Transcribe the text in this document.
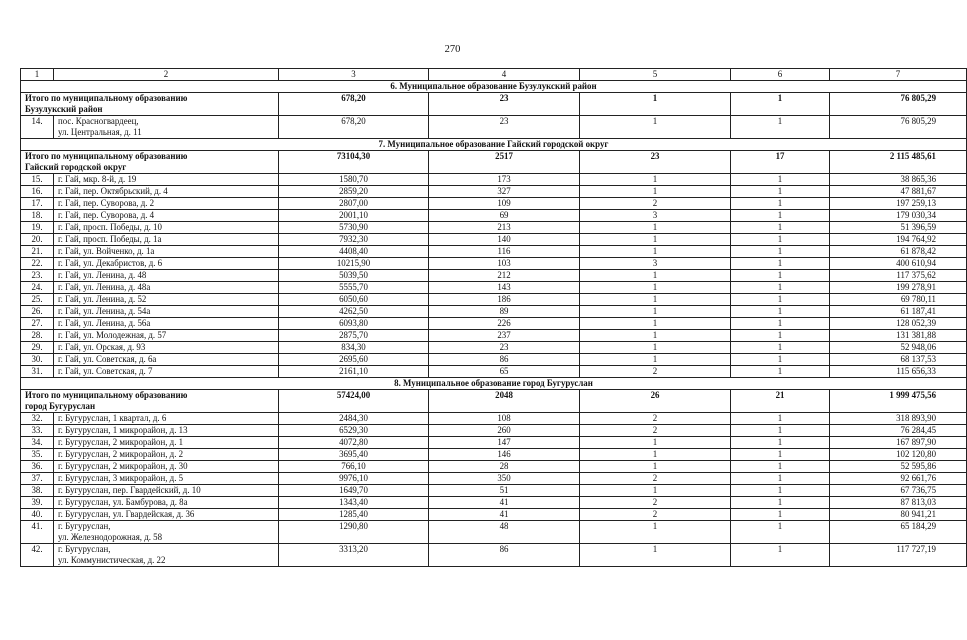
270
1	2	3	4	5	6	7
6. Муниципальное образование Бузулукский район						

Итого по муниципальному образованию
Бузулукский район		678,20	23	1	1	76 805,29
14.	пос. Красногвардеец,
ул. Центральная, д. 11	678,20	23	1	1	76 805,29
7. Муниципальное образование Гайский городской округ						

Итого по муниципальному образованию
Гайский городской округ		73104,30	2517	23	17	2 115 485,61
15.	г. Гай, мкр. 8-й, д. 19	1580,70	173	1	1	38 865,36
16.	г. Гай, пер. Октябрьский, д. 4	2859,20	327	1	1	47 881,67
17.	г. Гай, пер. Суворова, д. 2	2807,00	109	2	1	197 259,13
18.	г. Гай, пер. Суворова, д. 4	2001,10	69	3	1	179 030,34
19.	г. Гай, просп. Победы, д. 10	5730,90	213	1	1	51 396,59
20.	г. Гай, просп. Победы, д. 1а	7932,30	140	1	1	194 764,92
21.	г. Гай, ул. Войченко, д. 1а	4408,40	116	1	1	61 878,42
22.	г. Гай, ул. Декабристов, д. 6	10215,90	103	3	1	400 610,94
23.	г. Гай, ул. Ленина, д. 48	5039,50	212	1	1	117 375,62
24.	г. Гай, ул. Ленина, д. 48а	5555,70	143	1	1	199 278,91
25.	г. Гай, ул. Ленина, д. 52	6050,60	186	1	1	69 780,11
26.	г. Гай, ул. Ленина, д. 54а	4262,50	89	1	1	61 187,41
27.	г. Гай, ул. Ленина, д. 56а	6093,80	226	1	1	128 052,39
28.	г. Гай, ул. Молодежная, д. 57	2875,70	237	1	1	131 381,88
29.	г. Гай, ул. Орская, д. 93	834,30	23	1	1	52 948,06
30.	г. Гай, ул. Советская, д. 6а	2695,60	86	1	1	68 137,53
31.	г. Гай, ул. Советская, д. 7	2161,10	65	2	1	115 656,33
8. Муниципальное образование город Бугуруслан						

Итого по муниципальному образованию
город Бугуруслан		57424,00	2048	26	21	1 999 475,56
32.	г. Бугуруслан, 1 квартал, д. 6	2484,30	108	2	1	318 893,90
33.	г. Бугуруслан, 1 микрорайон, д. 13	6529,30	260	2	1	76 284,45
34.	г. Бугуруслан, 2 микрорайон, д. 1	4072,80	147	1	1	167 897,90
35.	г. Бугуруслан, 2 микрорайон, д. 2	3695,40	146	1	1	102 120,80
36.	г. Бугуруслан, 2 микрорайон, д. 30	766,10	28	1	1	52 595,86
37.	г. Бугуруслан, 3 микрорайон, д. 5	9976,10	350	2	1	92 661,76
38.	г. Бугуруслан, пер. Гвардейский, д. 10	1649,70	51	1	1	67 736,75
39.	г. Бугуруслан, ул. Бамбурова, д. 8а	1343,40	41	2	1	87 813,03
40.	г. Бугуруслан, ул. Гвардейская, д. 36	1285,40	41	2	1	80 941,21
41.	г. Бугуруслан,
ул. Железнодорожная, д. 58	1290,80	48	1	1	65 184,29
42.	г. Бугуруслан,
ул. Коммунистическая, д. 22	3313,20	86	1	1	117 727,19
